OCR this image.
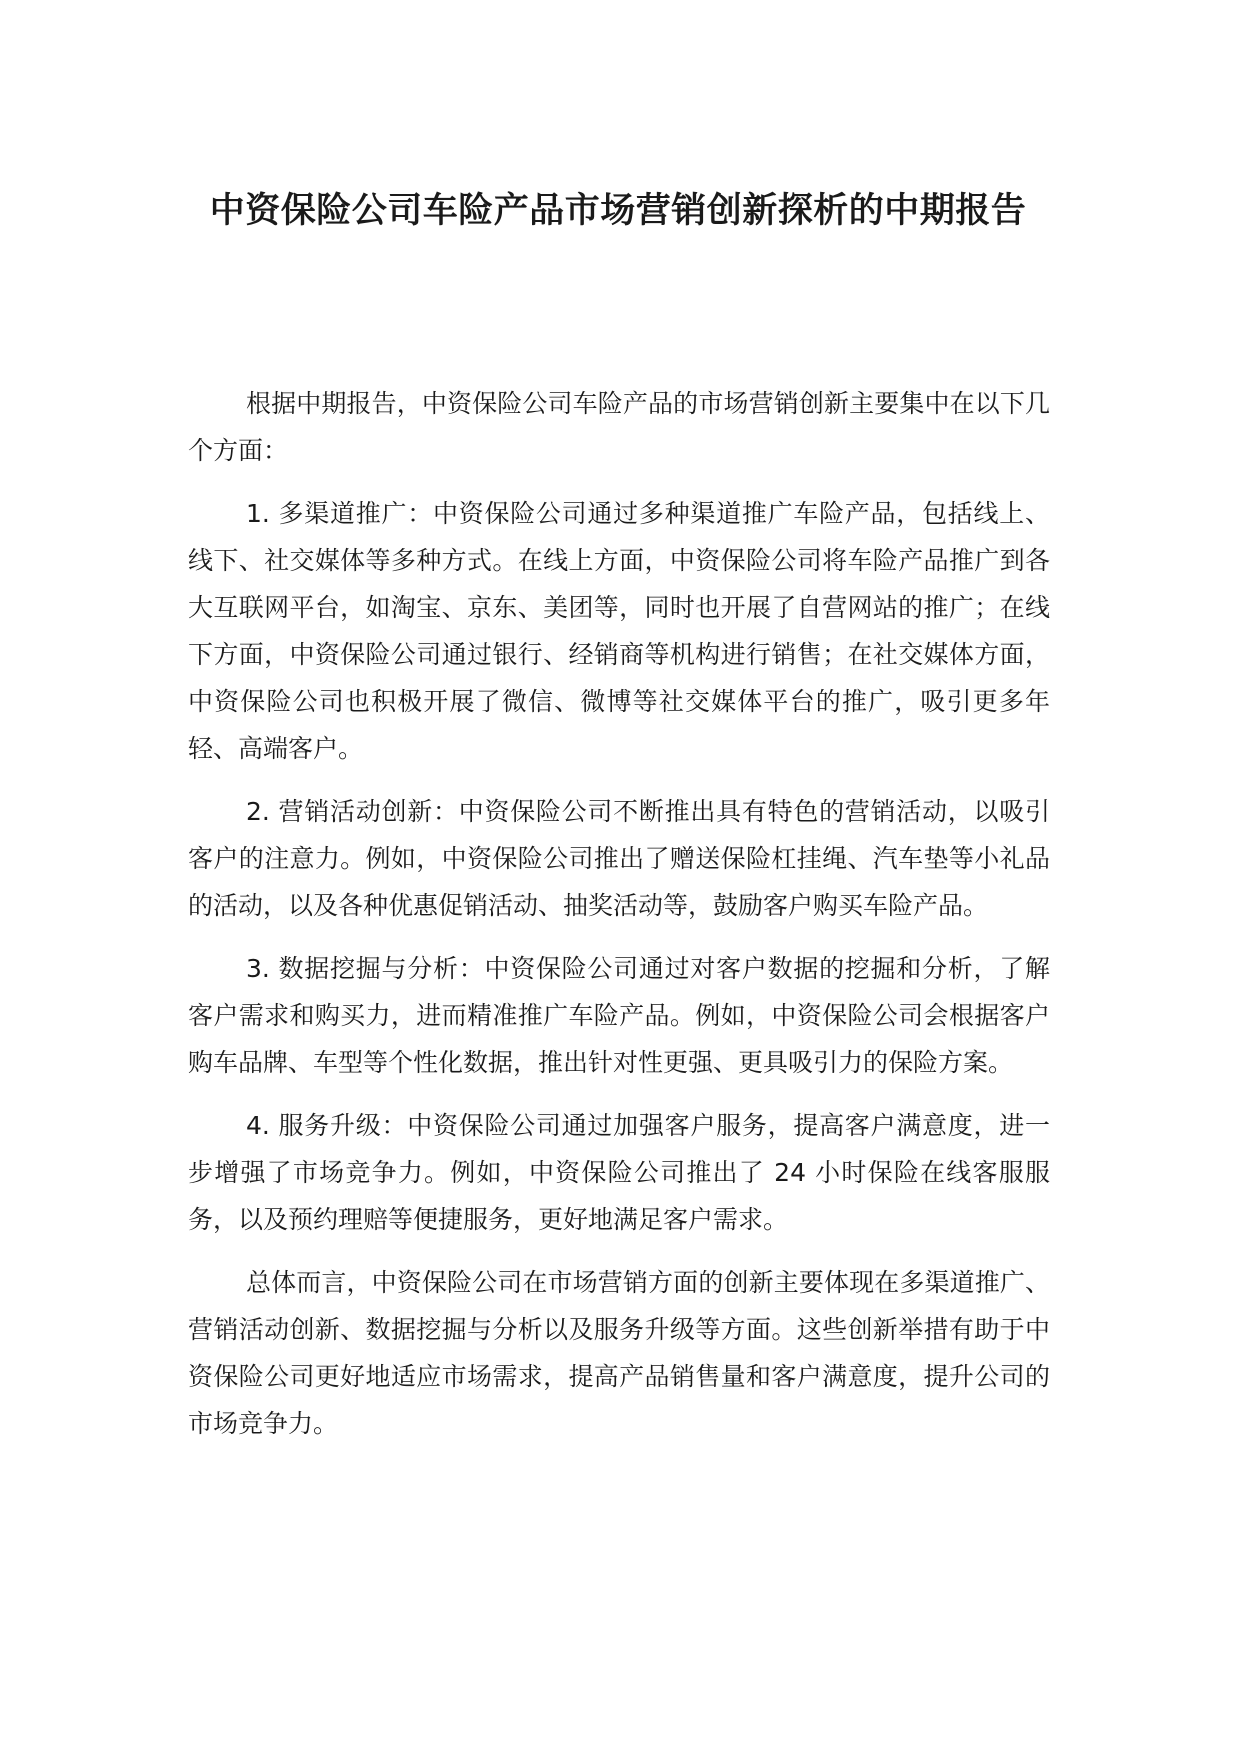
中资保险公司车险产品市场营销创新探析的中期报告

根据中期报告，中资保险公司车险产品的市场营销创新主要集中在以下几个方面：

1. 多渠道推广：中资保险公司通过多种渠道推广车险产品，包括线上、线下、社交媒体等多种方式。在线上方面，中资保险公司将车险产品推广到各大互联网平台，如淘宝、京东、美团等，同时也开展了自营网站的推广；在线下方面，中资保险公司通过银行、经销商等机构进行销售；在社交媒体方面，中资保险公司也积极开展了微信、微博等社交媒体平台的推广，吸引更多年轻、高端客户。

2. 营销活动创新：中资保险公司不断推出具有特色的营销活动，以吸引客户的注意力。例如，中资保险公司推出了赠送保险杠挂绳、汽车垫等小礼品的活动，以及各种优惠促销活动、抽奖活动等，鼓励客户购买车险产品。

3. 数据挖掘与分析：中资保险公司通过对客户数据的挖掘和分析，了解客户需求和购买力，进而精准推广车险产品。例如，中资保险公司会根据客户购车品牌、车型等个性化数据，推出针对性更强、更具吸引力的保险方案。

4. 服务升级：中资保险公司通过加强客户服务，提高客户满意度，进一步增强了市场竞争力。例如，中资保险公司推出了 24 小时保险在线客服服务，以及预约理赔等便捷服务，更好地满足客户需求。

总体而言，中资保险公司在市场营销方面的创新主要体现在多渠道推广、营销活动创新、数据挖掘与分析以及服务升级等方面。这些创新举措有助于中资保险公司更好地适应市场需求，提高产品销售量和客户满意度，提升公司的市场竞争力。
